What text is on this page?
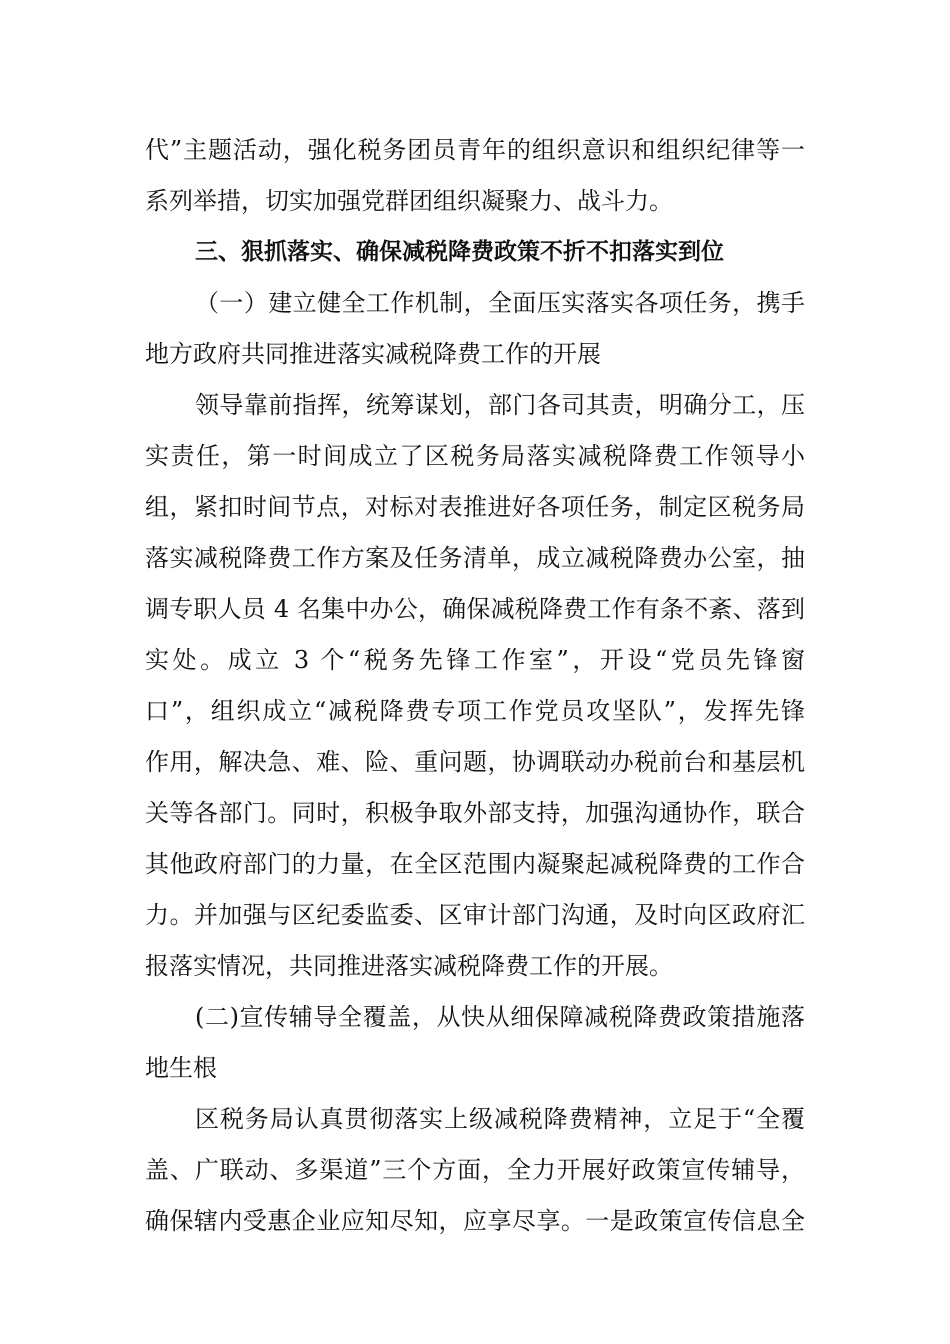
代”主题活动，强化税务团员青年的组织意识和组织纪律等一
系列举措，切实加强党群团组织凝聚力、战斗力。
三、狠抓落实、确保减税降费政策不折不扣落实到位
（一）建立健全工作机制，全面压实落实各项任务，携手
地方政府共同推进落实减税降费工作的开展
领导靠前指挥，统筹谋划，部门各司其责，明确分工，压
实责任，第一时间成立了区税务局落实减税降费工作领导小
组，紧扣时间节点，对标对表推进好各项任务，制定区税务局
落实减税降费工作方案及任务清单，成立减税降费办公室，抽
调专职人员 4 名集中办公，确保减税降费工作有条不紊、落到
实处。成立 3 个“税务先锋工作室”，开设“党员先锋窗
口”，组织成立“减税降费专项工作党员攻坚队”，发挥先锋
作用，解决急、难、险、重问题，协调联动办税前台和基层机
关等各部门。同时，积极争取外部支持，加强沟通协作，联合
其他政府部门的力量，在全区范围内凝聚起减税降费的工作合
力。并加强与区纪委监委、区审计部门沟通，及时向区政府汇
报落实情况，共同推进落实减税降费工作的开展。
(二)宣传辅导全覆盖，从快从细保障减税降费政策措施落
地生根
区税务局认真贯彻落实上级减税降费精神，立足于“全覆
盖、广联动、多渠道”三个方面，全力开展好政策宣传辅导，
确保辖内受惠企业应知尽知，应享尽享。一是政策宣传信息全
